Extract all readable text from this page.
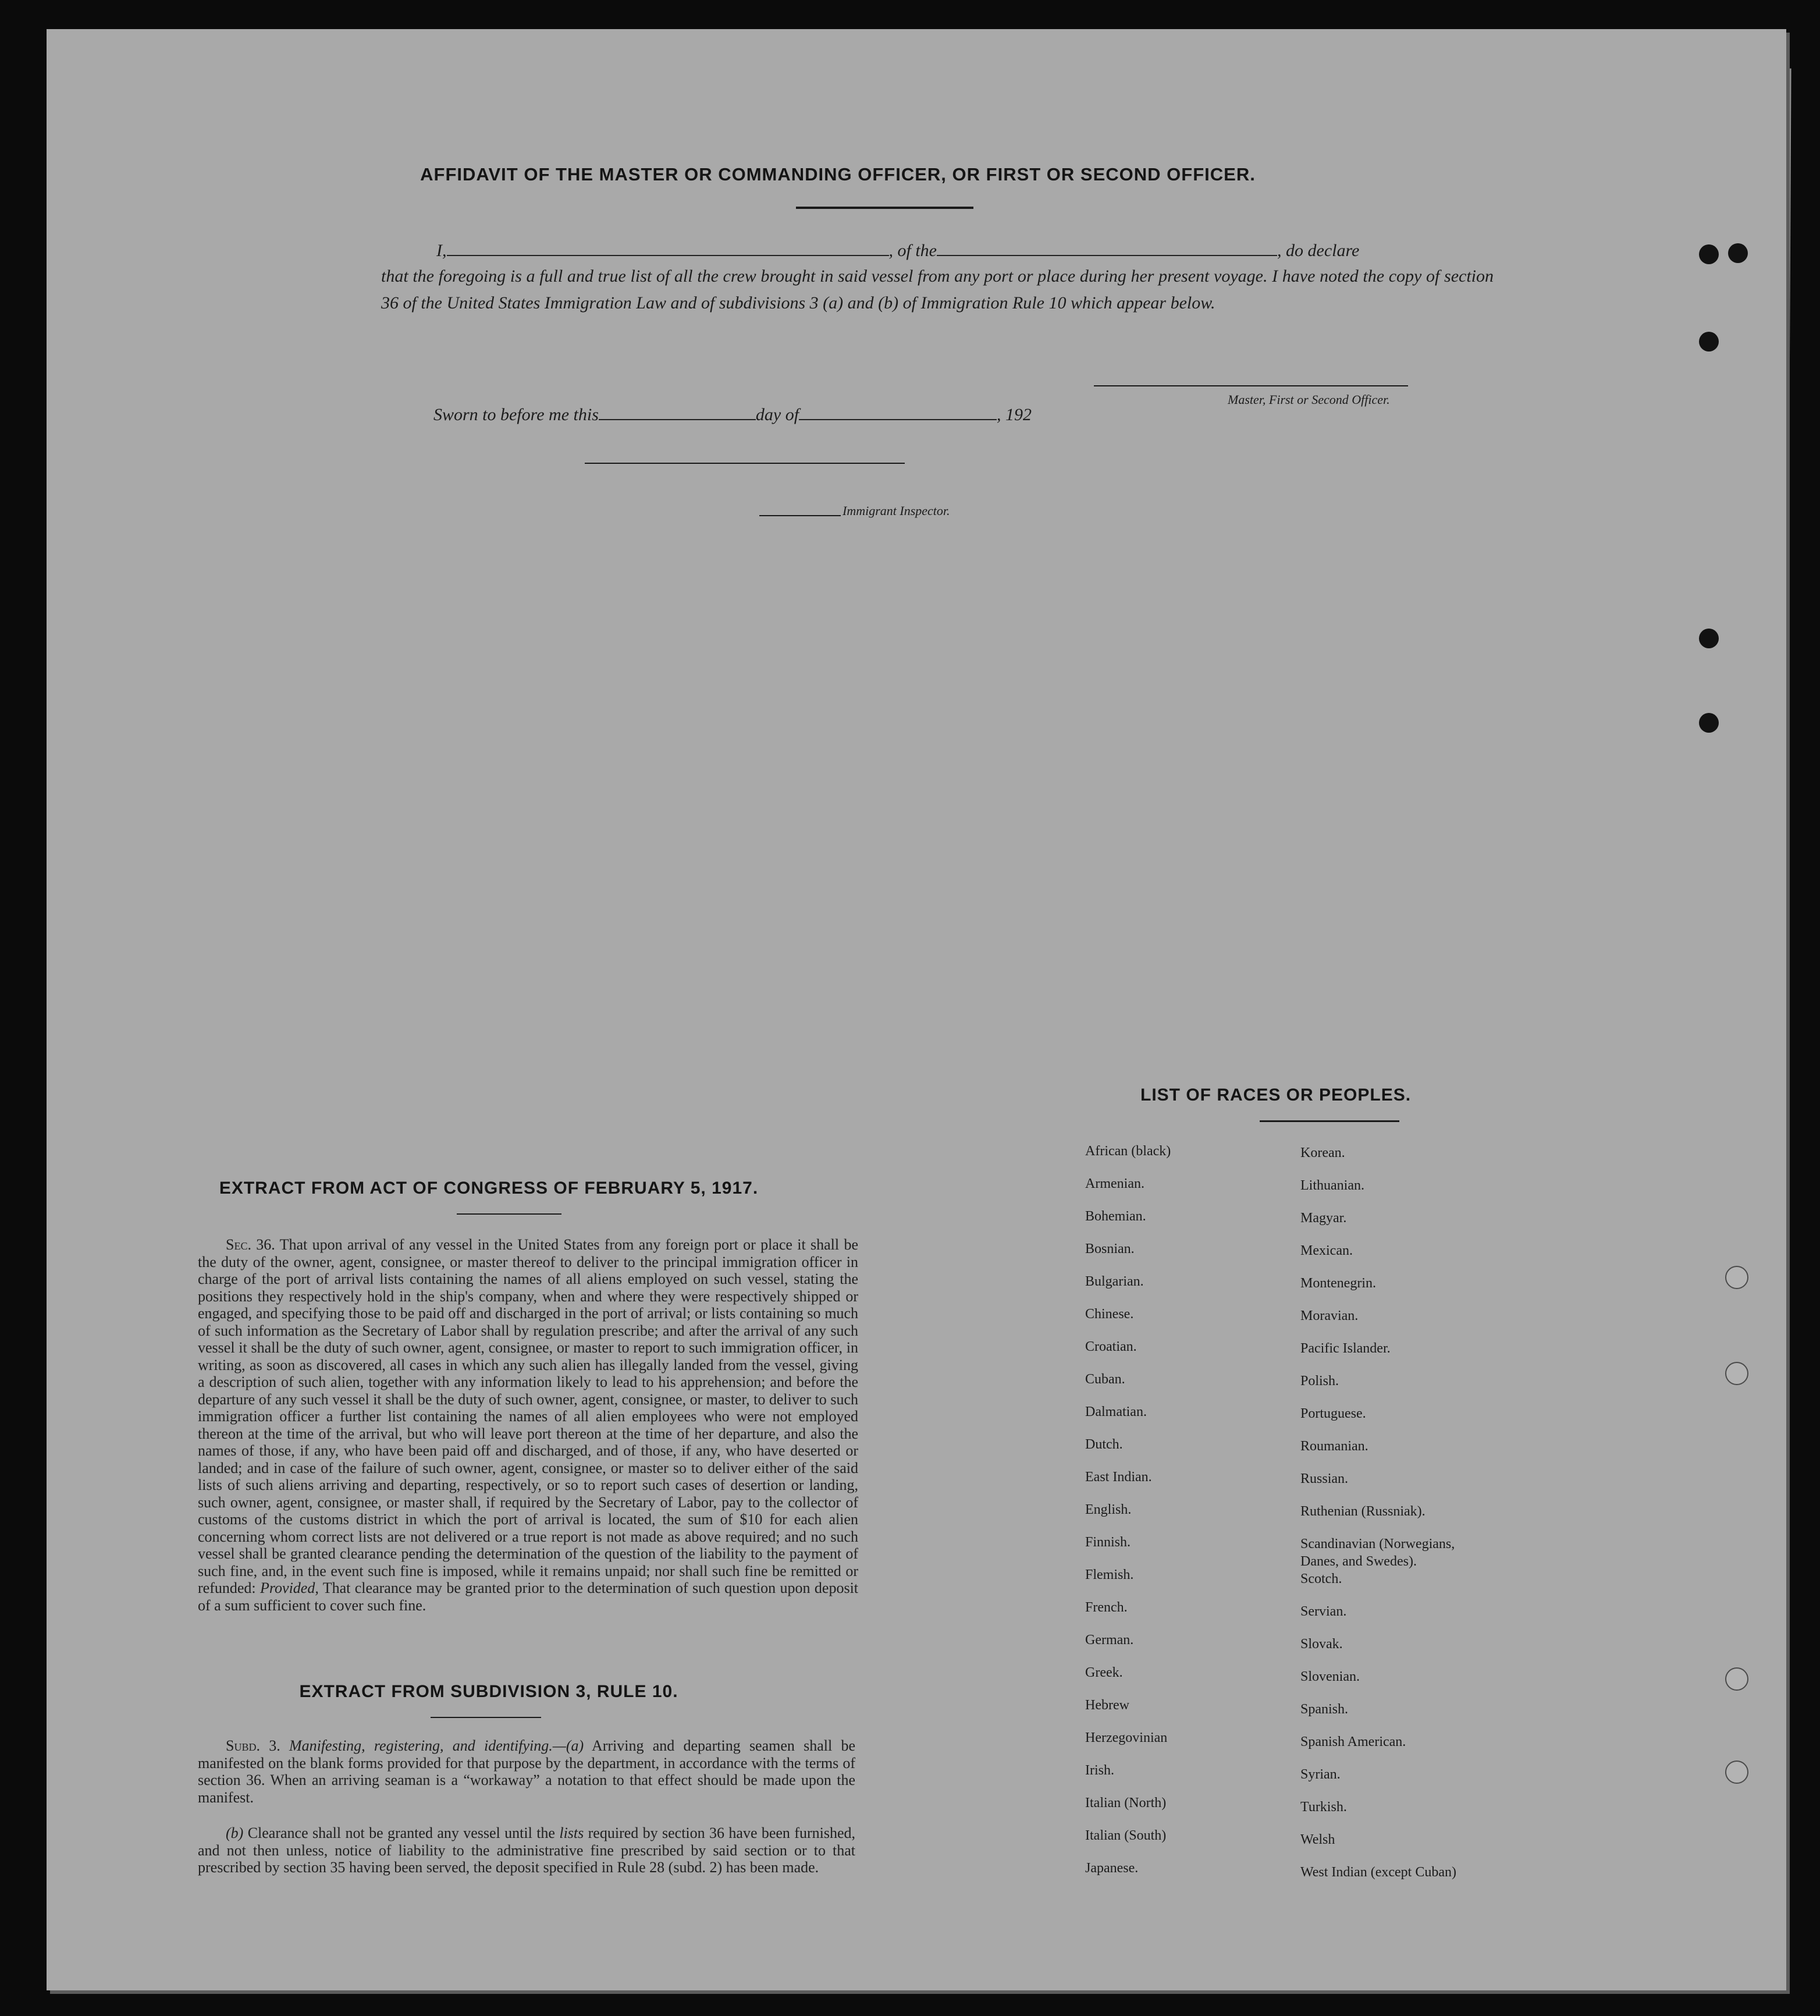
AFFIDAVIT OF THE MASTER OR COMMANDING OFFICER, OR FIRST OR SECOND OFFICER.
I,	, of the	, do declare
that the foregoing is a full and true list of all the crew brought in said vessel from any port or place during her present voyage. I have noted the copy of section 36 of the United States Immigration Law and of subdivisions 3 (a) and (b) of Immigration Rule 10 which appear below.
Master, First or Second Officer.
Sworn to before me this	day of	, 192
Immigrant Inspector.
EXTRACT FROM ACT OF CONGRESS OF FEBRUARY 5, 1917.
Sec. 36. That upon arrival of any vessel in the United States from any foreign port or place it shall be the duty of the owner, agent, consignee, or master thereof to deliver to the principal immigration officer in charge of the port of arrival lists containing the names of all aliens employed on such vessel, stating the positions they respectively hold in the ship's company, when and where they were respectively shipped or engaged, and specifying those to be paid off and discharged in the port of arrival; or lists containing so much of such information as the Secretary of Labor shall by regulation prescribe; and after the arrival of any such vessel it shall be the duty of such owner, agent, consignee, or master to report to such immigration officer, in writing, as soon as discovered, all cases in which any such alien has illegally landed from the vessel, giving a description of such alien, together with any information likely to lead to his apprehension; and before the departure of any such vessel it shall be the duty of such owner, agent, consignee, or master, to deliver to such immigration officer a further list containing the names of all alien employees who were not employed thereon at the time of the arrival, but who will leave port thereon at the time of her departure, and also the names of those, if any, who have been paid off and discharged, and of those, if any, who have deserted or landed; and in case of the failure of such owner, agent, consignee, or master so to deliver either of the said lists of such aliens arriving and departing, respectively, or so to report such cases of desertion or landing, such owner, agent, consignee, or master shall, if required by the Secretary of Labor, pay to the collector of customs of the customs district in which the port of arrival is located, the sum of $10 for each alien concerning whom correct lists are not delivered or a true report is not made as above required; and no such vessel shall be granted clearance pending the determination of the question of the liability to the payment of such fine, and, in the event such fine is imposed, while it remains unpaid; nor shall such fine be remitted or refunded: Provided, That clearance may be granted prior to the determination of such question upon deposit of a sum sufficient to cover such fine.
EXTRACT FROM SUBDIVISION 3, RULE 10.
Subd. 3. Manifesting, registering, and identifying.—(a) Arriving and departing seamen shall be manifested on the blank forms provided for that purpose by the department, in accordance with the terms of section 36. When an arriving seaman is a “workaway” a notation to that effect should be made upon the manifest.
(b) Clearance shall not be granted any vessel until the lists required by section 36 have been furnished, and not then unless, notice of liability to the administrative fine prescribed by said section or to that prescribed by section 35 having been served, the deposit specified in Rule 28 (subd. 2) has been made.
LIST OF RACES OR PEOPLES.
African (black)
Armenian.
Bohemian.
Bosnian.
Bulgarian.
Chinese.
Croatian.
Cuban.
Dalmatian.
Dutch.
East Indian.
English.
Finnish.
Flemish.
French.
German.
Greek.
Hebrew
Herzegovinian
Irish.
Italian (North)
Italian (South)
Japanese.
Korean.
Lithuanian.
Magyar.
Mexican.
Montenegrin.
Moravian.
Pacific Islander.
Polish.
Portuguese.
Roumanian.
Russian.
Ruthenian (Russniak).
Scandinavian (Norwegians,
Danes, and Swedes).
Scotch.
Servian.
Slovak.
Slovenian.
Spanish.
Spanish American.
Syrian.
Turkish.
Welsh
West Indian (except Cuban)
